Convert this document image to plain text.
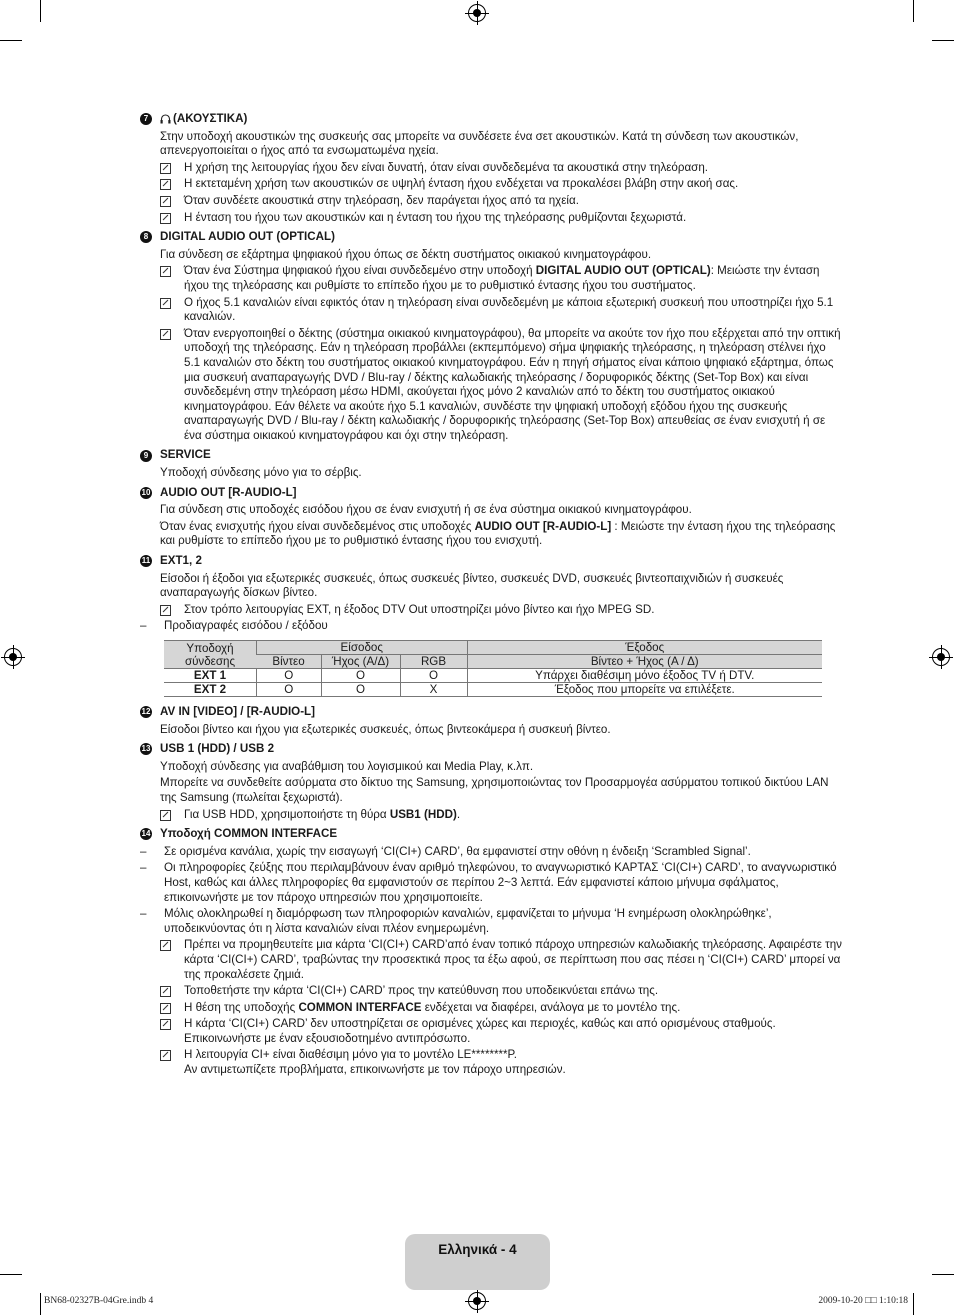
7	(ΑΚΟΥΣΤΙΚΑ)
Στην υποδοχή ακουστικών της συσκευής σας μπορείτε να συνδέσετε ένα σετ ακουστικών. Κατά τη σύνδεση των ακουστικών, απενεργοποιείται ο ήχος από τα ενσωματωμένα ηχεία.
Η χρήση της λειτουργίας ήχου δεν είναι δυνατή, όταν είναι συνδεδεμένα τα ακουστικά στην τηλεόραση.
Η εκτεταμένη χρήση των ακουστικών σε υψηλή ένταση ήχου ενδέχεται να προκαλέσει βλάβη στην ακοή σας.
Όταν συνδέετε ακουστικά στην τηλεόραση, δεν παράγεται ήχος από τα ηχεία.
Η ένταση του ήχου των ακουστικών και η ένταση του ήχου της τηλεόρασης ρυθμίζονται ξεχωριστά.
8	DIGITAL AUDIO OUT (OPTICAL)
Για σύνδεση σε εξάρτημα ψηφιακού ήχου όπως σε δέκτη συστήματος οικιακού κινηματογράφου.
Όταν ένα Σύστημα ψηφιακού ήχου είναι συνδεδεμένο στην υποδοχή DIGITAL AUDIO OUT (OPTICAL): Μειώστε την ένταση ήχου της τηλεόρασης και ρυθμίστε το επίπεδο ήχου με το ρυθμιστικό έντασης ήχου του συστήματος.
Ο ήχος 5.1 καναλιών είναι εφικτός όταν η τηλεόραση είναι συνδεδεμένη με κάποια εξωτερική συσκευή που υποστηρίζει ήχο 5.1 καναλιών.
Όταν ενεργοποιηθεί ο δέκτης (σύστημα οικιακού κινηματογράφου), θα μπορείτε να ακούτε τον ήχο που εξέρχεται από την οπτική υποδοχή της τηλεόρασης. Εάν η τηλεόραση προβάλλει (εκπεμπόμενο) σήμα ψηφιακής τηλεόρασης, η τηλεόραση στέλνει ήχο 5.1 καναλιών στο δέκτη του συστήματος οικιακού κινηματογράφου. Εάν η πηγή σήματος είναι κάποιο ψηφιακό εξάρτημα, όπως μια συσκευή αναπαραγωγής DVD / Blu-ray / δέκτης καλωδιακής τηλεόρασης / δορυφορικός δέκτης (Set-Top Box) και είναι συνδεδεμένη στην τηλεόραση μέσω HDMI, ακούγεται ήχος μόνο 2 καναλιών από το δέκτη του συστήματος οικιακού κινηματογράφου. Εάν θέλετε να ακούτε ήχο 5.1 καναλιών, συνδέστε την ψηφιακή υποδοχή εξόδου ήχου της συσκευής αναπαραγωγής DVD / Blu-ray / δέκτη καλωδιακής / δορυφορικής τηλεόρασης (Set-Top Box) απευθείας σε έναν ενισχυτή ή σε ένα σύστημα οικιακού κινηματογράφου και όχι στην τηλεόραση.
9	SERVICE
Υποδοχή σύνδεσης μόνο για το σέρβις.
10 AUDIO OUT [R-AUDIO-L]
Για σύνδεση στις υποδοχές εισόδου ήχου σε έναν ενισχυτή ή σε ένα σύστημα οικιακού κινηματογράφου.
Όταν ένας ενισχυτής ήχου είναι συνδεδεμένος στις υποδοχές AUDIO OUT [R-AUDIO-L] : Μειώστε την ένταση ήχου της τηλεόρασης και ρυθμίστε το επίπεδο ήχου με το ρυθμιστικό έντασης ήχου του ενισχυτή.
11 EXT1, 2
Είσοδοι ή έξοδοι για εξωτερικές συσκευές, όπως συσκευές βίντεο, συσκευές DVD, συσκευές βιντεοπαιχνιδιών ή συσκευές αναπαραγωγής δίσκων βίντεο.
Στον τρόπο λειτουργίας EXT, η έξοδος DTV Out υποστηρίζει μόνο βίντεο και ήχο MPEG SD.
–	Προδιαγραφές εισόδου / εξόδου
Υποδοχή σύνδεσης	Είσοδος			Έξοδος
	Βίντεο	Ήχος (Α/Δ)	RGB	Βίντεο + Ήχος (Α / Δ)
EXT 1	O	O	O	Υπάρχει διαθέσιμη μόνο έξοδος TV ή DTV.
EXT 2	O	O	X	Έξοδος που μπορείτε να επιλέξετε.
12 AV IN [VIDEO] / [R-AUDIO-L]
Είσοδοι βίντεο και ήχου για εξωτερικές συσκευές, όπως βιντεοκάμερα ή συσκευή βίντεο.
13 USB 1 (HDD) / USB 2
Υποδοχή σύνδεσης για αναβάθμιση του λογισμικού και Media Play, κ.λπ.
Μπορείτε να συνδεθείτε ασύρματα στο δίκτυο της Samsung, χρησιμοποιώντας τον Προσαρμογέα ασύρματου τοπικού δικτύου LAN της Samsung (πωλείται ξεχωριστά).
Για USB HDD, χρησιμοποιήστε τη θύρα USB1 (HDD).
14 Υποδοχή COMMON INTERFACE
–	Σε ορισμένα κανάλια, χωρίς την εισαγωγή ‘CI(CI+) CARD’, θα εμφανιστεί στην οθόνη η ένδειξη ‘Scrambled Signal’.
–	Οι πληροφορίες ζεύξης που περιλαμβάνουν έναν αριθμό τηλεφώνου, το αναγνωριστικό ΚΑΡΤΑΣ ‘CI(CI+) CARD’, το αναγνωριστικό Host, καθώς και άλλες πληροφορίες θα εμφανιστούν σε περίπου 2~3 λεπτά. Εάν εμφανιστεί κάποιο μήνυμα σφάλματος, επικοινωνήστε με τον πάροχο υπηρεσιών που χρησιμοποιείτε.
–	Μόλις ολοκληρωθεί η διαμόρφωση των πληροφοριών καναλιών, εμφανίζεται το μήνυμα ‘Η ενημέρωση ολοκληρώθηκε’, υποδεικνύοντας ότι η λίστα καναλιών είναι πλέον ενημερωμένη.
Πρέπει να προμηθευτείτε μια κάρτα ‘CI(CI+) CARD’από έναν τοπικό πάροχο υπηρεσιών καλωδιακής τηλεόρασης. Αφαιρέστε την κάρτα ‘CI(CI+) CARD’, τραβώντας την προσεκτικά προς τα έξω αφού, σε περίπτωση που σας πέσει η ‘CI(CI+) CARD’ μπορεί να της προκαλέσετε ζημιά.
Τοποθετήστε την κάρτα ‘CI(CI+) CARD’ προς την κατεύθυνση που υποδεικνύεται επάνω της.
Η θέση της υποδοχής COMMON INTERFACE ενδέχεται να διαφέρει, ανάλογα με το μοντέλο της.
Η κάρτα ‘CI(CI+) CARD’ δεν υποστηρίζεται σε ορισμένες χώρες και περιοχές, καθώς και από ορισμένους σταθμούς. Επικοινωνήστε με έναν εξουσιοδοτημένο αντιπρόσωπο.
Η λειτουργία CI+ είναι διαθέσιμη μόνο για το μοντέλο LE********P.
Αν αντιμετωπίζετε προβλήματα, επικοινωνήστε με τον πάροχο υπηρεσιών.
Ελληνικά - 4
BN68-02327B-04Gre.indb 4	2009-10-20 □□ 1:10:18
